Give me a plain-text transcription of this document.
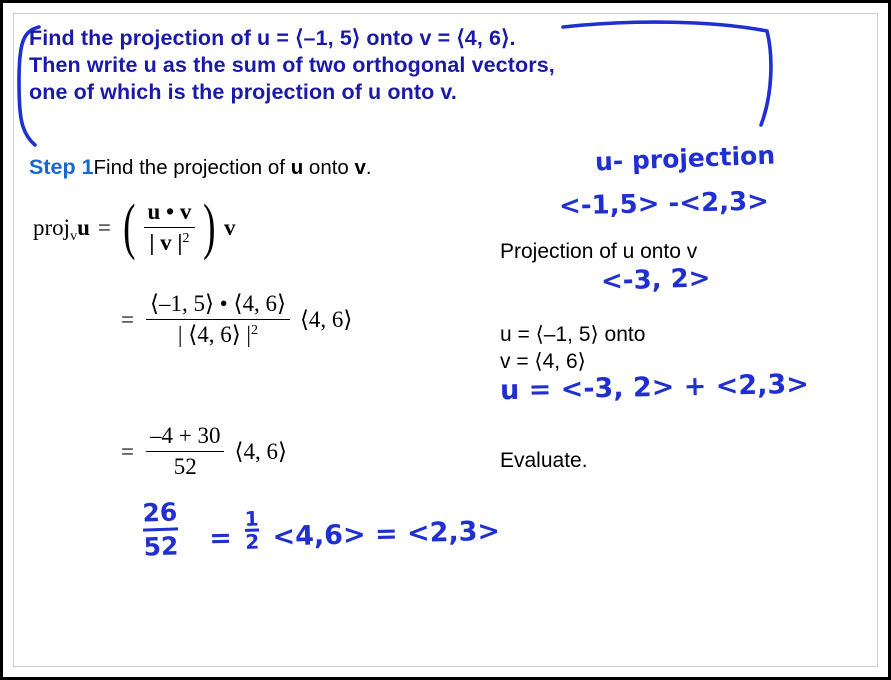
Find the projection of u = ⟨–1, 5⟩ onto v = ⟨4, 6⟩.
Then write u as the sum of two orthogonal vectors,
one of which is the projection of u onto v.
Step 1Find the projection of u onto v.
proj v u = ( $\frac{u • v}{| v |^2}$ ) v
= $\frac{⟨-1, 5⟩ • ⟨4, 6⟩}{| ⟨4, 6⟩ |^2}$ ⟨4, 6⟩
= $\frac{-4 + 30}{52}$ ⟨4, 6⟩
Projection of u onto v
u = ⟨–1, 5⟩ onto
v = ⟨4, 6⟩
Evaluate.
u- projection
<-1,5> -<2,3>
<-3, 2>
u = <-3, 2> + <2,3>
26
$52 = \frac{1}{2} <4,6> = <2,3>$
